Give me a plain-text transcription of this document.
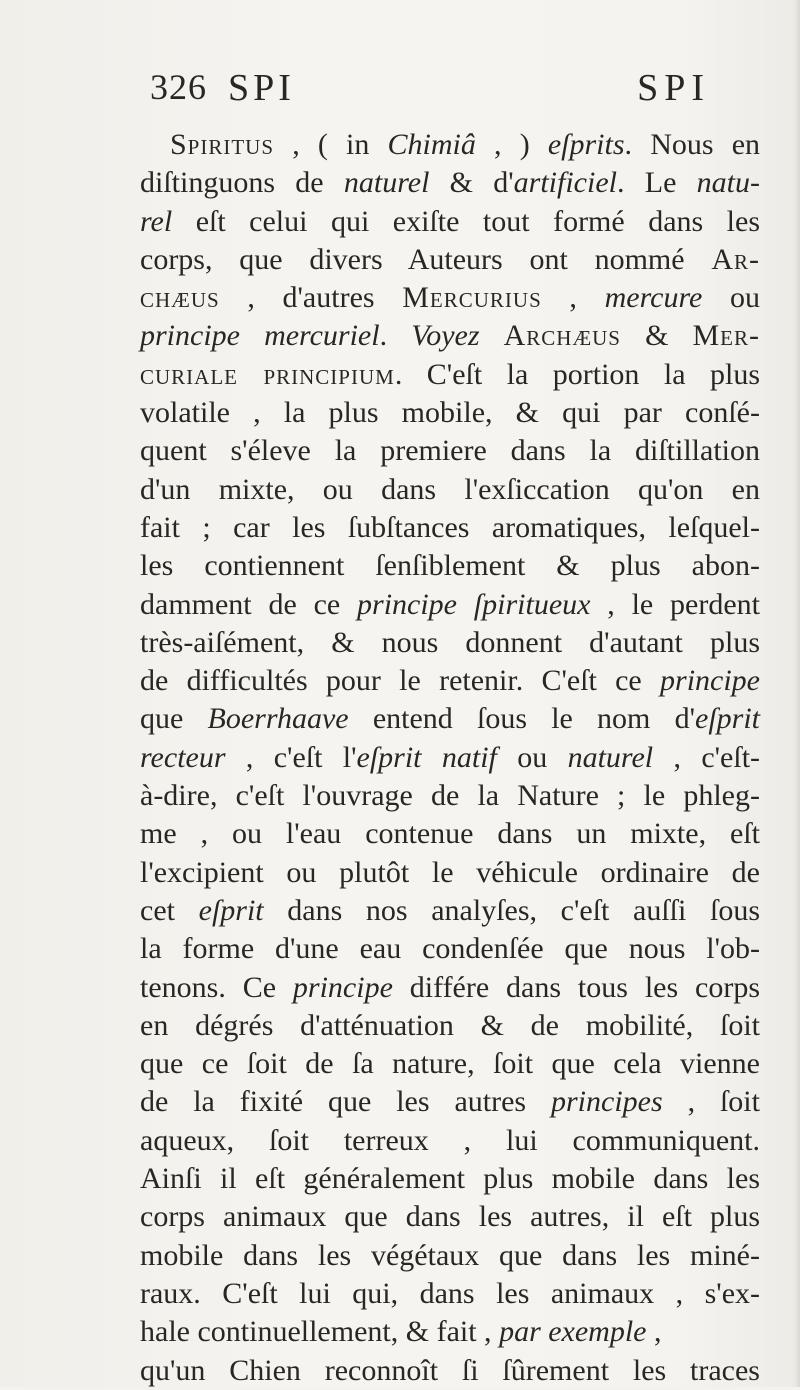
326 SPI	SPI
Spiritus , ( in Chimiâ , ) eſprits. Nous en
diſtinguons de naturel & d'artificiel. Le natu-
rel eſt celui qui exiſte tout formé dans les
corps, que divers Auteurs ont nommé Ar-
chæus , d'autres Mercurius , mercure ou
principe mercuriel. Voyez Archæus & Mer-
curiale principium. C'eſt la portion la plus
volatile , la plus mobile, & qui par conſé-
quent s'éleve la premiere dans la diſtillation
d'un mixte, ou dans l'exſiccation qu'on en
fait ; car les ſubſtances aromatiques, leſquel-
les contiennent ſenſiblement & plus abon-
damment de ce principe ſpiritueux , le perdent
très-aiſément, & nous donnent d'autant plus
de difficultés pour le retenir. C'eſt ce principe
que Boerrhaave entend ſous le nom d'eſprit
recteur , c'eſt l'eſprit natif ou naturel , c'eſt-
à-dire, c'eſt l'ouvrage de la Nature ; le phleg-
me , ou l'eau contenue dans un mixte, eſt
l'excipient ou plutôt le véhicule ordinaire de
cet eſprit dans nos analyſes, c'eſt auſſi ſous
la forme d'une eau condenſée que nous l'ob-
tenons. Ce principe différe dans tous les corps
en dégrés d'atténuation & de mobilité, ſoit
que ce ſoit de ſa nature, ſoit que cela vienne
de la fixité que les autres principes , ſoit
aqueux, ſoit terreux , lui communiquent.
Ainſi il eſt généralement plus mobile dans les
corps animaux que dans les autres, il eſt plus
mobile dans les végétaux que dans les miné-
raux. C'eſt lui qui, dans les animaux , s'ex-
hale continuellement, & fait , par exemple ,
qu'un Chien reconnoît ſi ſûrement les traces
